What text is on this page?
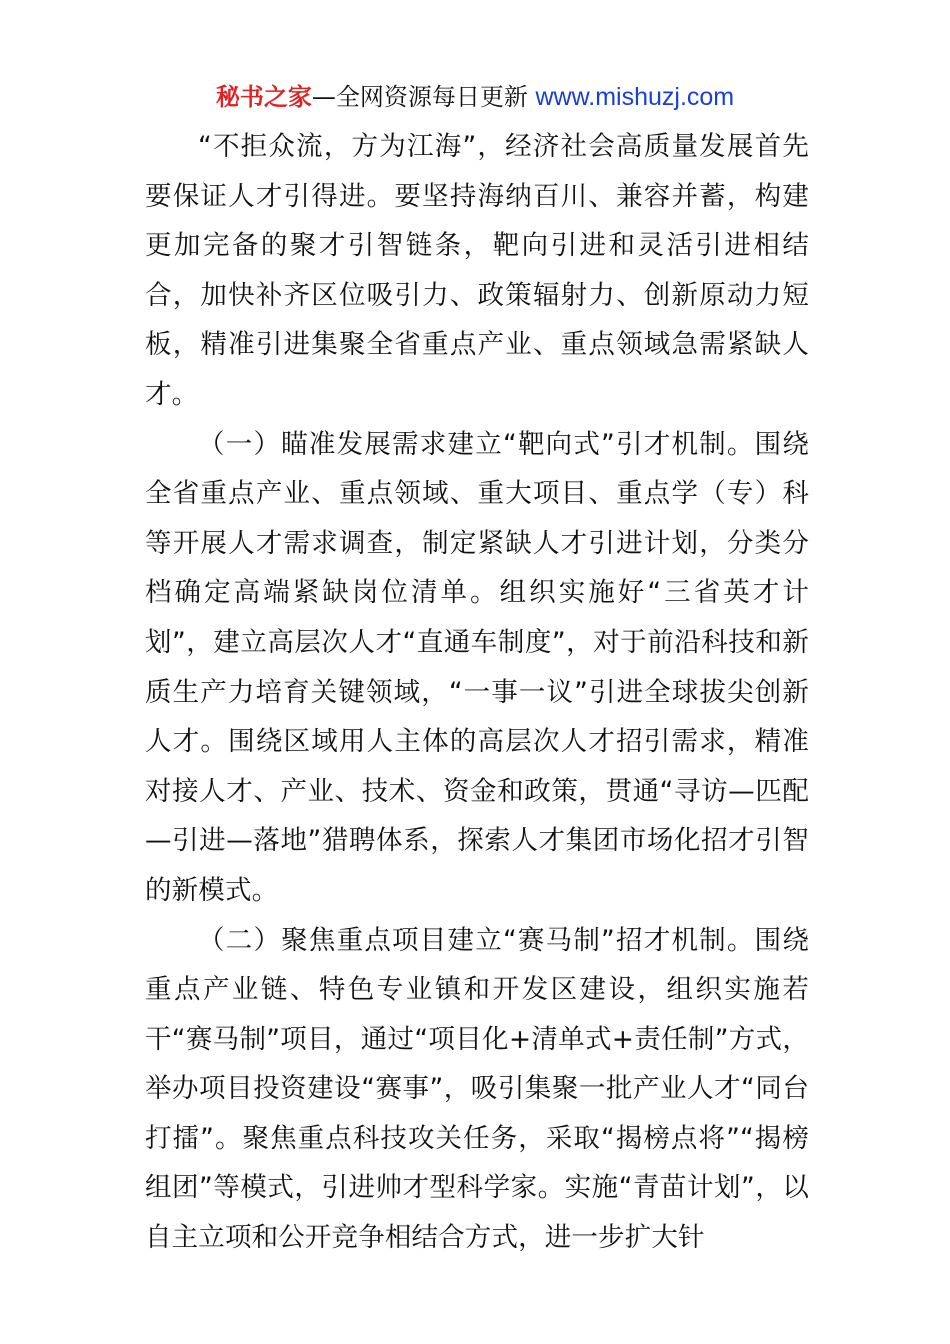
秘书之家—全网资源每日更新 www.mishuzj.com

“不拒众流，方为江海”，经济社会高质量发展首先要保证人才引得进。要坚持海纳百川、兼容并蓄，构建更加完备的聚才引智链条，靶向引进和灵活引进相结合，加快补齐区位吸引力、政策辐射力、创新原动力短板，精准引进集聚全省重点产业、重点领域急需紧缺人才。

（一）瞄准发展需求建立“靶向式”引才机制。围绕全省重点产业、重点领域、重大项目、重点学（专）科等开展人才需求调查，制定紧缺人才引进计划，分类分档确定高端紧缺岗位清单。组织实施好“三省英才计划”，建立高层次人才“直通车制度”，对于前沿科技和新质生产力培育关键领域，“一事一议”引进全球拔尖创新人才。围绕区域用人主体的高层次人才招引需求，精准对接人才、产业、技术、资金和政策，贯通“寻访—匹配—引进—落地”猎聘体系，探索人才集团市场化招才引智的新模式。

（二）聚焦重点项目建立“赛马制”招才机制。围绕重点产业链、特色专业镇和开发区建设，组织实施若干“赛马制”项目，通过“项目化+清单式+责任制”方式，举办项目投资建设“赛事”，吸引集聚一批产业人才“同台打擂”。聚焦重点科技攻关任务，采取“揭榜点将”“揭榜组团”等模式，引进帅才型科学家。实施“青苗计划”，以自主立项和公开竞争相结合方式，进一步扩大针
